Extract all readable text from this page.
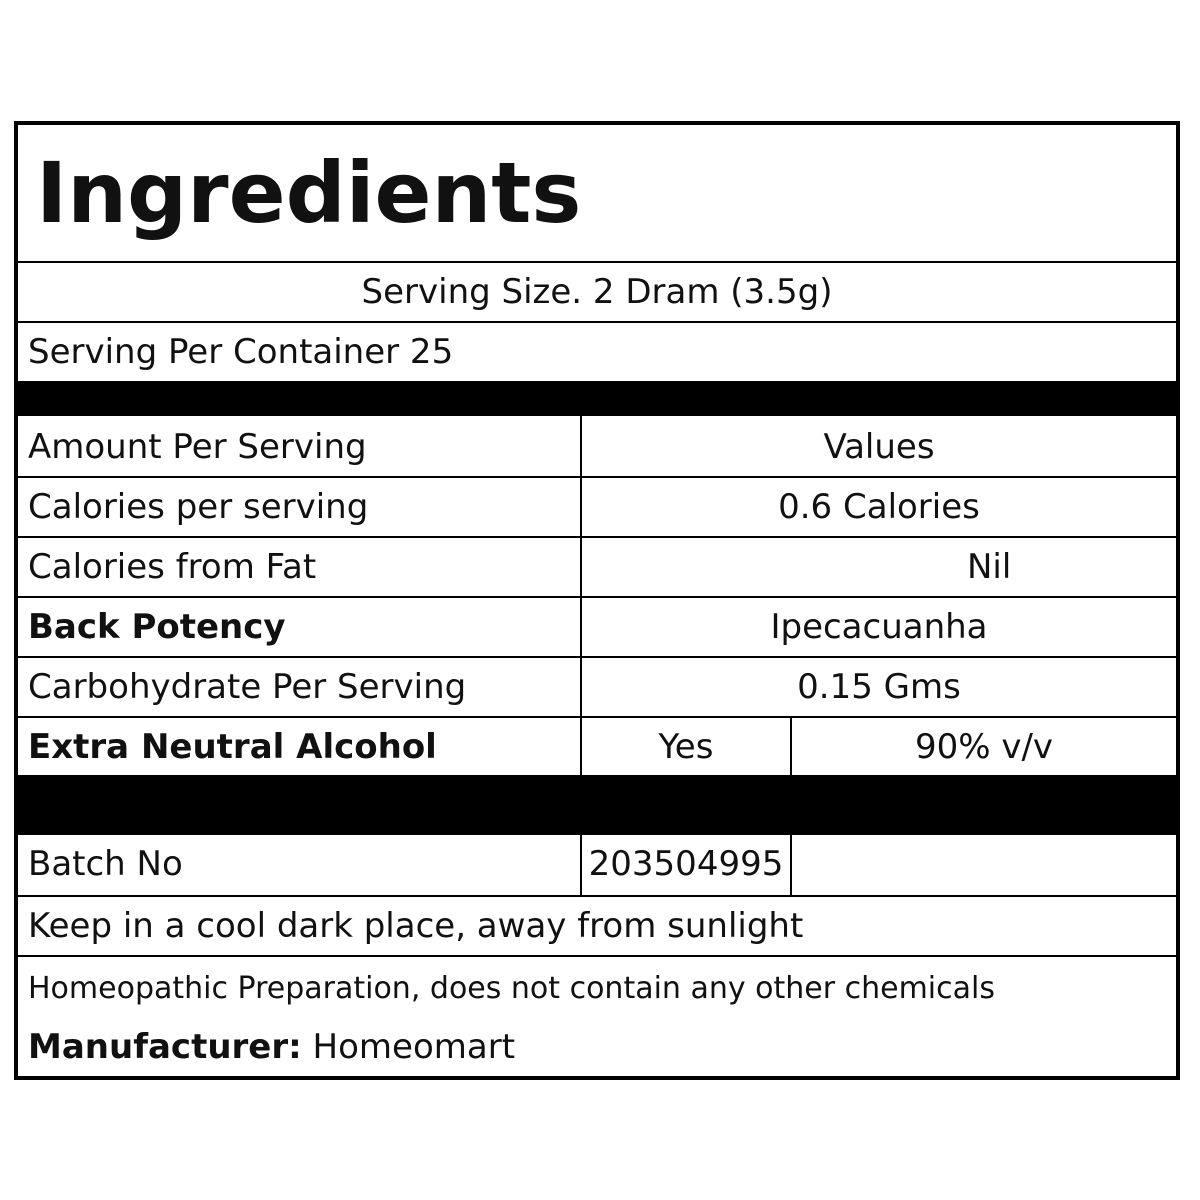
Ingredients
Serving Size. 2 Dram (3.5g)
Serving Per Container 25
Amount Per Serving	Values
Calories per serving	0.6 Calories
Calories from Fat	Nil
Back Potency	Ipecacuanha
Carbohydrate Per Serving	0.15 Gms
Extra Neutral Alcohol	Yes	90% v/v
Batch No	203504995
Keep in a cool dark place, away from sunlight
Homeopathic Preparation, does not contain any other chemicals
Manufacturer: Homeomart
